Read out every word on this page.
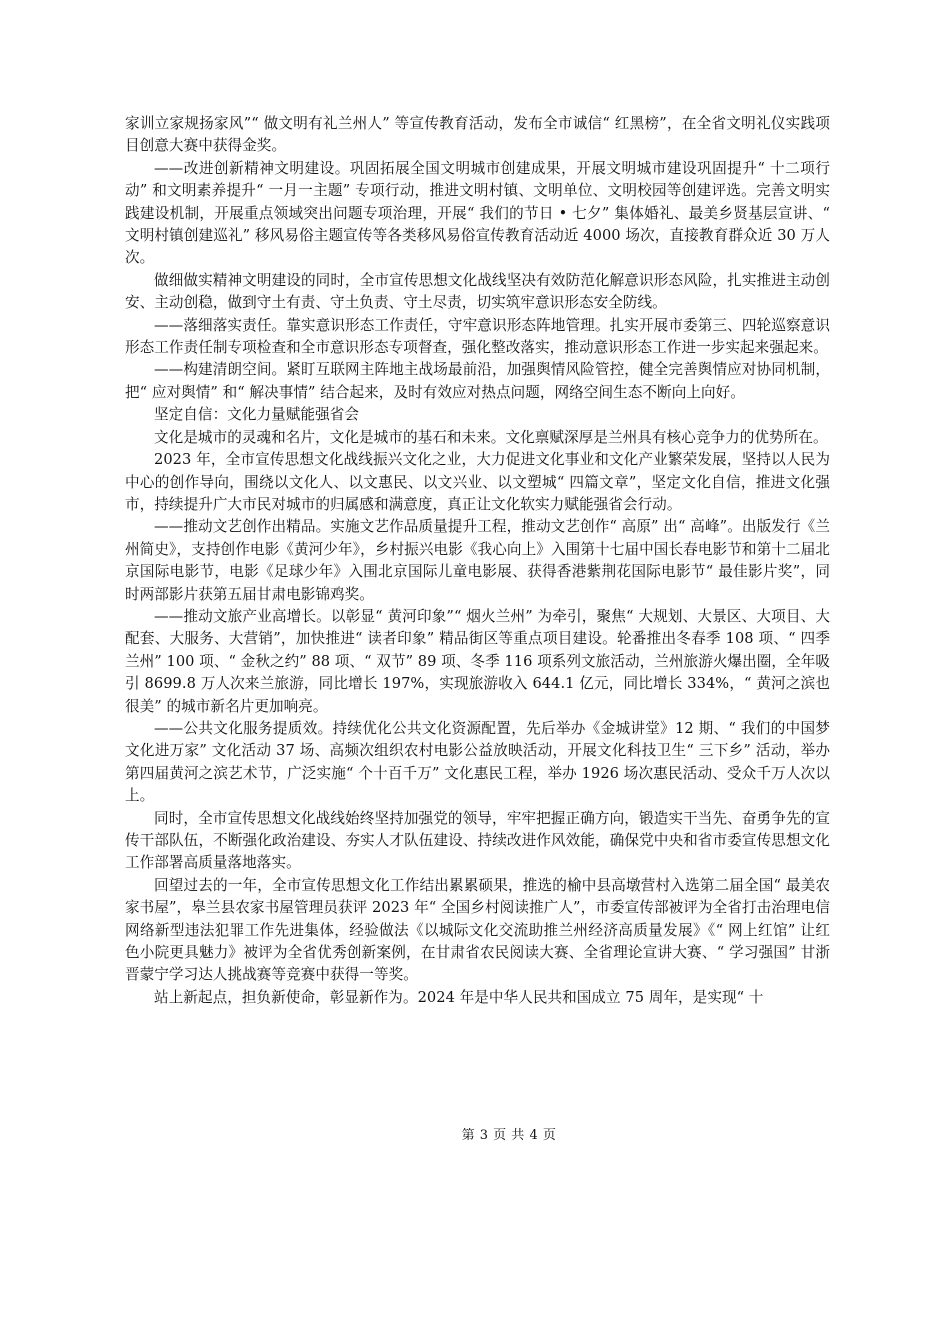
家训立家规扬家风”“ 做文明有礼兰州人” 等宣传教育活动，发布全市诚信“ 红黑榜”，在全省文明礼仪实践项目创意大赛中获得金奖。

——改进创新精神文明建设。巩固拓展全国文明城市创建成果，开展文明城市建设巩固提升“ 十二项行动” 和文明素养提升“ 一月一主题” 专项行动，推进文明村镇、文明单位、文明校园等创建评选。完善文明实践建设机制，开展重点领域突出问题专项治理，开展“ 我们的节日 • 七夕” 集体婚礼、最美乡贤基层宣讲、“ 文明村镇创建巡礼” 移风易俗主题宣传等各类移风易俗宣传教育活动近 4000 场次，直接教育群众近 30 万人次。

做细做实精神文明建设的同时，全市宣传思想文化战线坚决有效防范化解意识形态风险，扎实推进主动创安、主动创稳，做到守土有责、守土负责、守土尽责，切实筑牢意识形态安全防线。

——落细落实责任。靠实意识形态工作责任，守牢意识形态阵地管理。扎实开展市委第三、四轮巡察意识形态工作责任制专项检查和全市意识形态专项督查，强化整改落实，推动意识形态工作进一步实起来强起来。

——构建清朗空间。紧盯互联网主阵地主战场最前沿，加强舆情风险管控，健全完善舆情应对协同机制，把“ 应对舆情” 和“ 解决事情” 结合起来，及时有效应对热点问题，网络空间生态不断向上向好。

坚定自信：文化力量赋能强省会

文化是城市的灵魂和名片，文化是城市的基石和未来。文化禀赋深厚是兰州具有核心竞争力的优势所在。

2023 年，全市宣传思想文化战线振兴文化之业，大力促进文化事业和文化产业繁荣发展，坚持以人民为中心的创作导向，围绕以文化人、以文惠民、以文兴业、以文塑城“ 四篇文章”，坚定文化自信，推进文化强市，持续提升广大市民对城市的归属感和满意度，真正让文化软实力赋能强省会行动。

——推动文艺创作出精品。实施文艺作品质量提升工程，推动文艺创作“ 高原” 出“ 高峰”。出版发行《兰州简史》，支持创作电影《黄河少年》，乡村振兴电影《我心向上》入围第十七届中国长春电影节和第十二届北京国际电影节，电影《足球少年》入围北京国际儿童电影展、获得香港紫荆花国际电影节“ 最佳影片奖”，同时两部影片获第五届甘肃电影锦鸡奖。

——推动文旅产业高增长。以彰显“ 黄河印象”“ 烟火兰州” 为牵引，聚焦“ 大规划、大景区、大项目、大配套、大服务、大营销”，加快推进“ 读者印象” 精品街区等重点项目建设。轮番推出冬春季 108 项、“ 四季兰州” 100 项、“ 金秋之约” 88 项、“ 双节” 89 项、冬季 116 项系列文旅活动，兰州旅游火爆出圈，全年吸引 8699.8 万人次来兰旅游，同比增长 197%，实现旅游收入 644.1 亿元，同比增长 334%，“ 黄河之滨也很美” 的城市新名片更加响亮。

——公共文化服务提质效。持续优化公共文化资源配置，先后举办《金城讲堂》12 期、“ 我们的中国梦 文化进万家” 文化活动 37 场、高频次组织农村电影公益放映活动，开展文化科技卫生“ 三下乡” 活动，举办第四届黄河之滨艺术节，广泛实施“ 个十百千万” 文化惠民工程，举办 1926 场次惠民活动、受众千万人次以上。

同时，全市宣传思想文化战线始终坚持加强党的领导，牢牢把握正确方向，锻造实干当先、奋勇争先的宣传干部队伍，不断强化政治建设、夯实人才队伍建设、持续改进作风效能，确保党中央和省市委宣传思想文化工作部署高质量落地落实。

回望过去的一年，全市宣传思想文化工作结出累累硕果，推选的榆中县高墩营村入选第二届全国“ 最美农家书屋”，皋兰县农家书屋管理员获评 2023 年“ 全国乡村阅读推广人”，市委宣传部被评为全省打击治理电信网络新型违法犯罪工作先进集体，经验做法《以城际文化交流助推兰州经济高质量发展》《“ 网上红馆” 让红色小院更具魅力》被评为全省优秀创新案例，在甘肃省农民阅读大赛、全省理论宣讲大赛、“ 学习强国” 甘浙晋蒙宁学习达人挑战赛等竞赛中获得一等奖。

站上新起点，担负新使命，彰显新作为。2024 年是中华人民共和国成立 75 周年，是实现“ 十

第 3 页 共 4 页
